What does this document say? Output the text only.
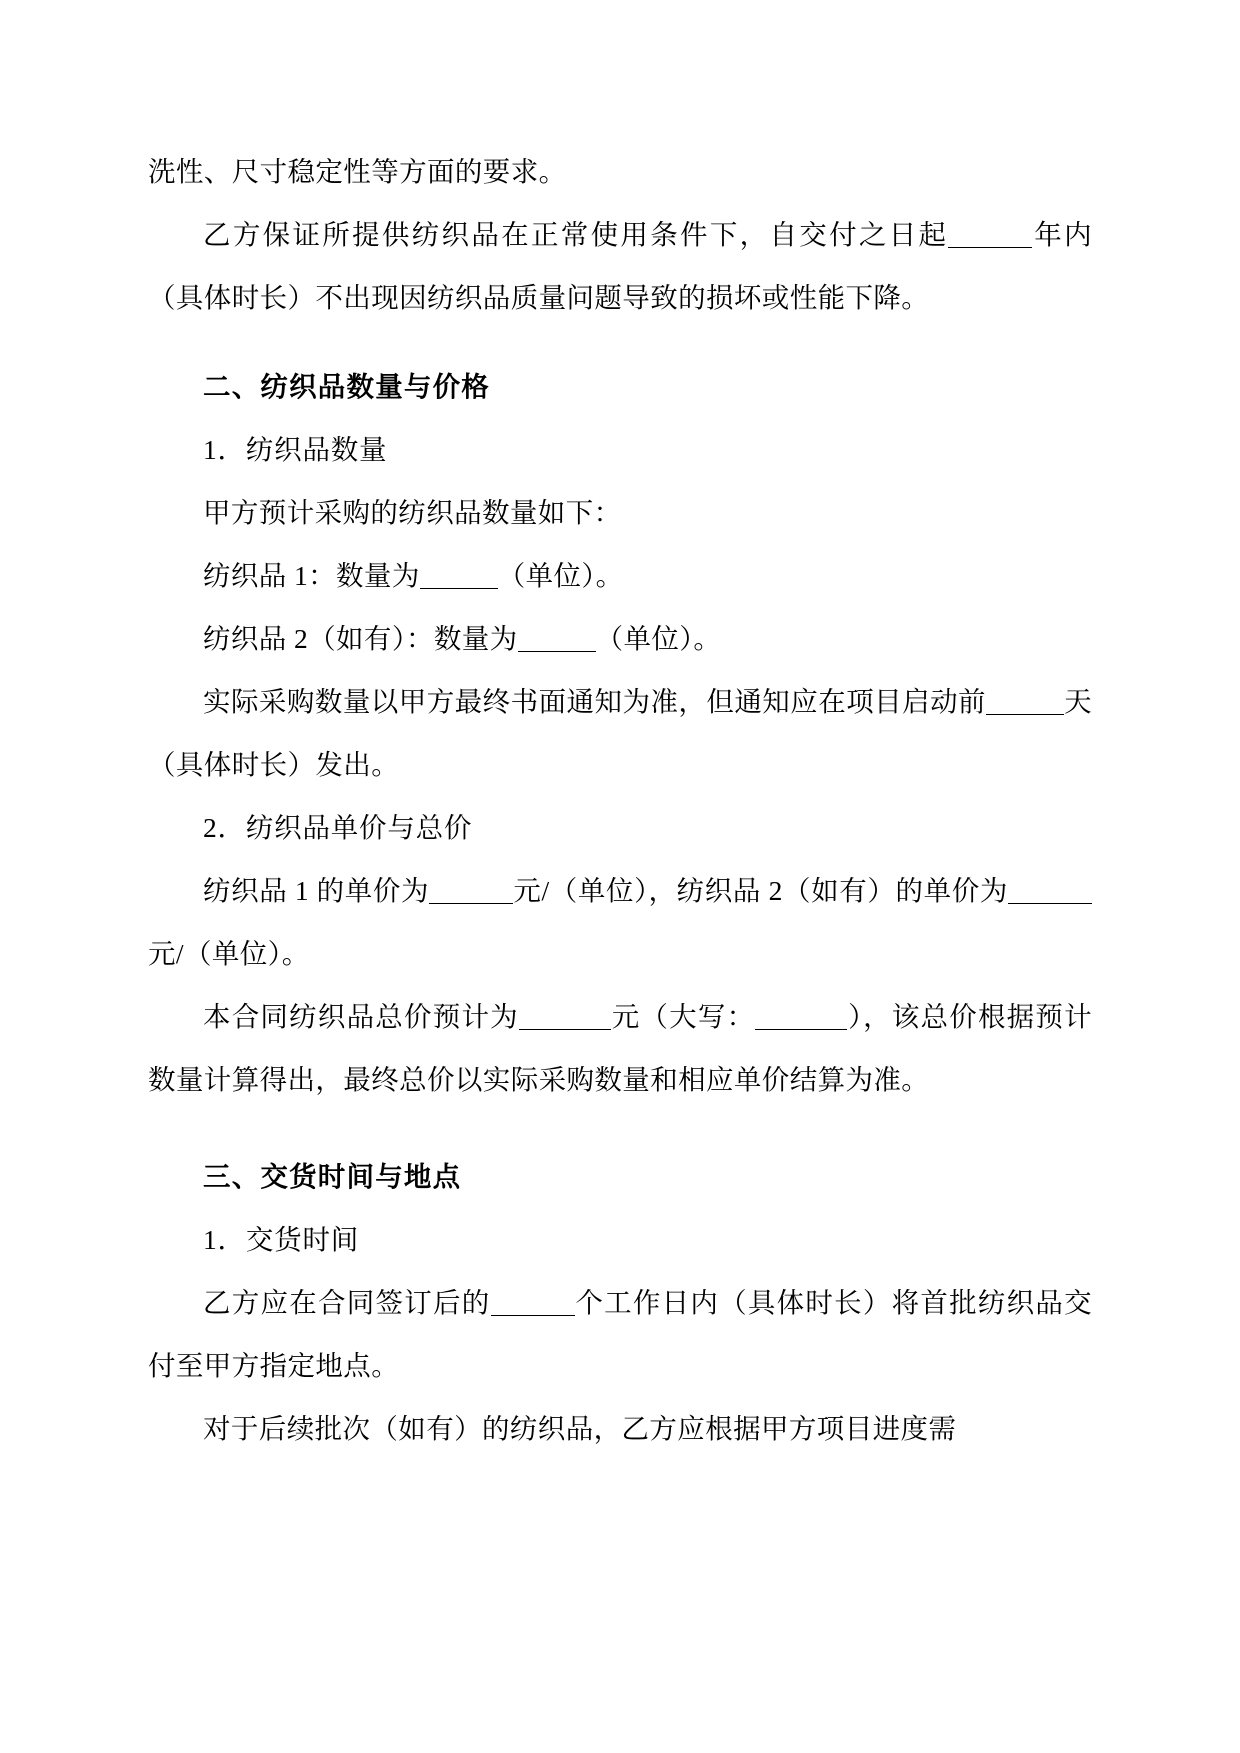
洗性、尺寸稳定性等方面的要求。

乙方保证所提供纺织品在正常使用条件下，自交付之日起	年内（具体时长）不出现因纺织品质量问题导致的损坏或性能下降。

二、纺织品数量与价格

1．纺织品数量

甲方预计采购的纺织品数量如下：

纺织品 1：数量为	（单位）。

纺织品 2（如有）：数量为	（单位）。

实际采购数量以甲方最终书面通知为准，但通知应在项目启动前	天（具体时长）发出。

2．纺织品单价与总价

纺织品 1 的单价为	元/（单位），纺织品 2（如有）的单价为元/（单位）。

本合同纺织品总价预计为	元（大写：	），该总价根据预计数量计算得出，最终总价以实际采购数量和相应单价结算为准。

三、交货时间与地点

1．交货时间

乙方应在合同签订后的	个工作日内（具体时长）将首批纺织品交付至甲方指定地点。

对于后续批次（如有）的纺织品，乙方应根据甲方项目进度需
